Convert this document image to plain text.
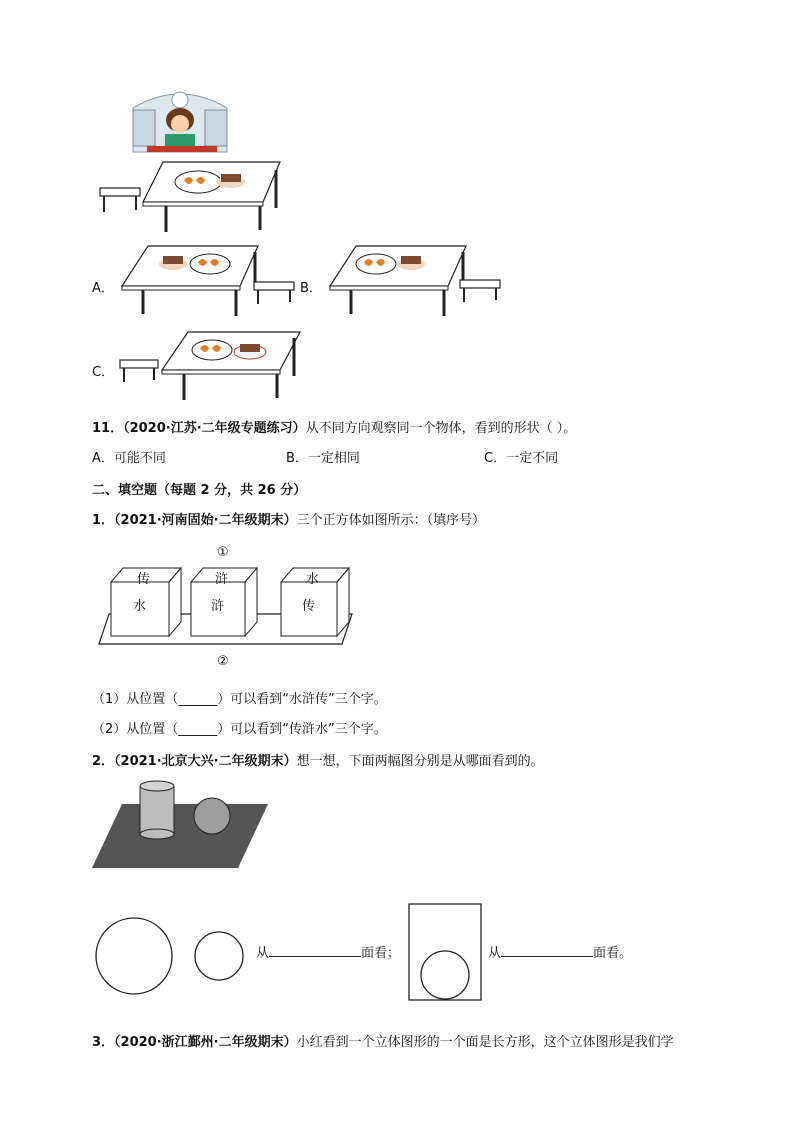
A．	B．
C．
11．（2020·江苏·二年级专题练习）从不同方向观察同一个物体，看到的形状（ ）。
A．可能不同	B．一定相同	C．一定不同
二、填空题（每题 2 分，共 26 分）
1．（2021·河南固始·二年级期末）三个正方体如图所示：（填序号）
①
传
水
浒
浒
水
传
②
（1）从位置（______）可以看到“水浒传”三个字。
（2）从位置（______）可以看到“传浒水”三个字。
2．（2021·北京大兴·二年级期末）想一想，下面两幅图分别是从哪面看到的。
从	面看；	从	面看。
3．（2020·浙江鄞州·二年级期末）小红看到一个立体图形的一个面是长方形，这个立体图形是我们学
